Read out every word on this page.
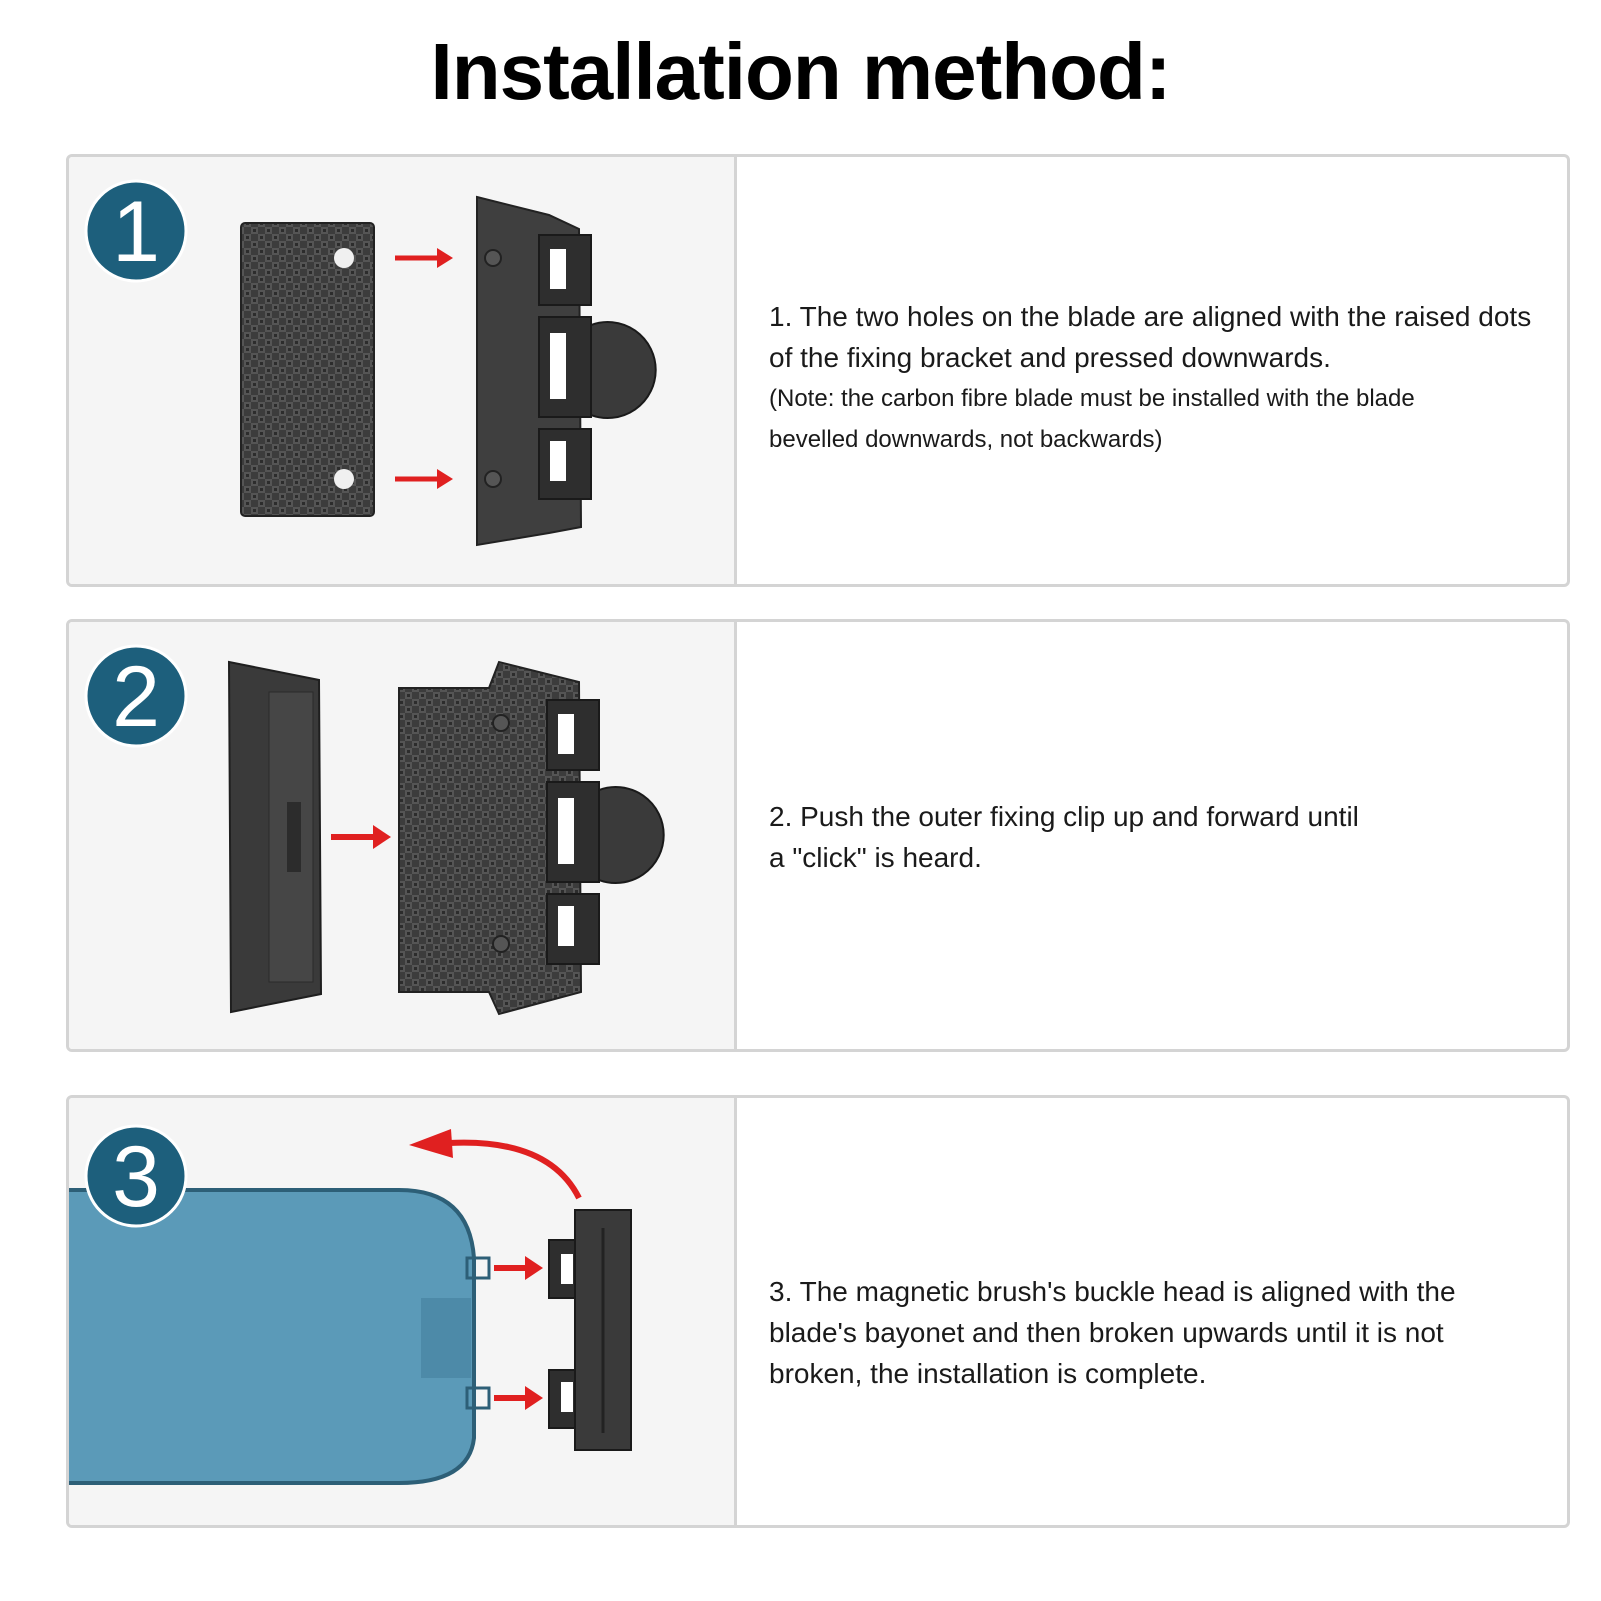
Installation method:
1
1. The two holes on the blade are aligned with the raised dots
of the fixing bracket and pressed downwards.
(Note: the carbon fibre blade must be installed with the blade
bevelled downwards, not backwards)
2
2. Push the outer fixing clip up and forward until
a "click" is heard.
3
3. The magnetic brush's buckle head is aligned with the
blade's bayonet and then broken upwards until it is not
broken, the installation is complete.
